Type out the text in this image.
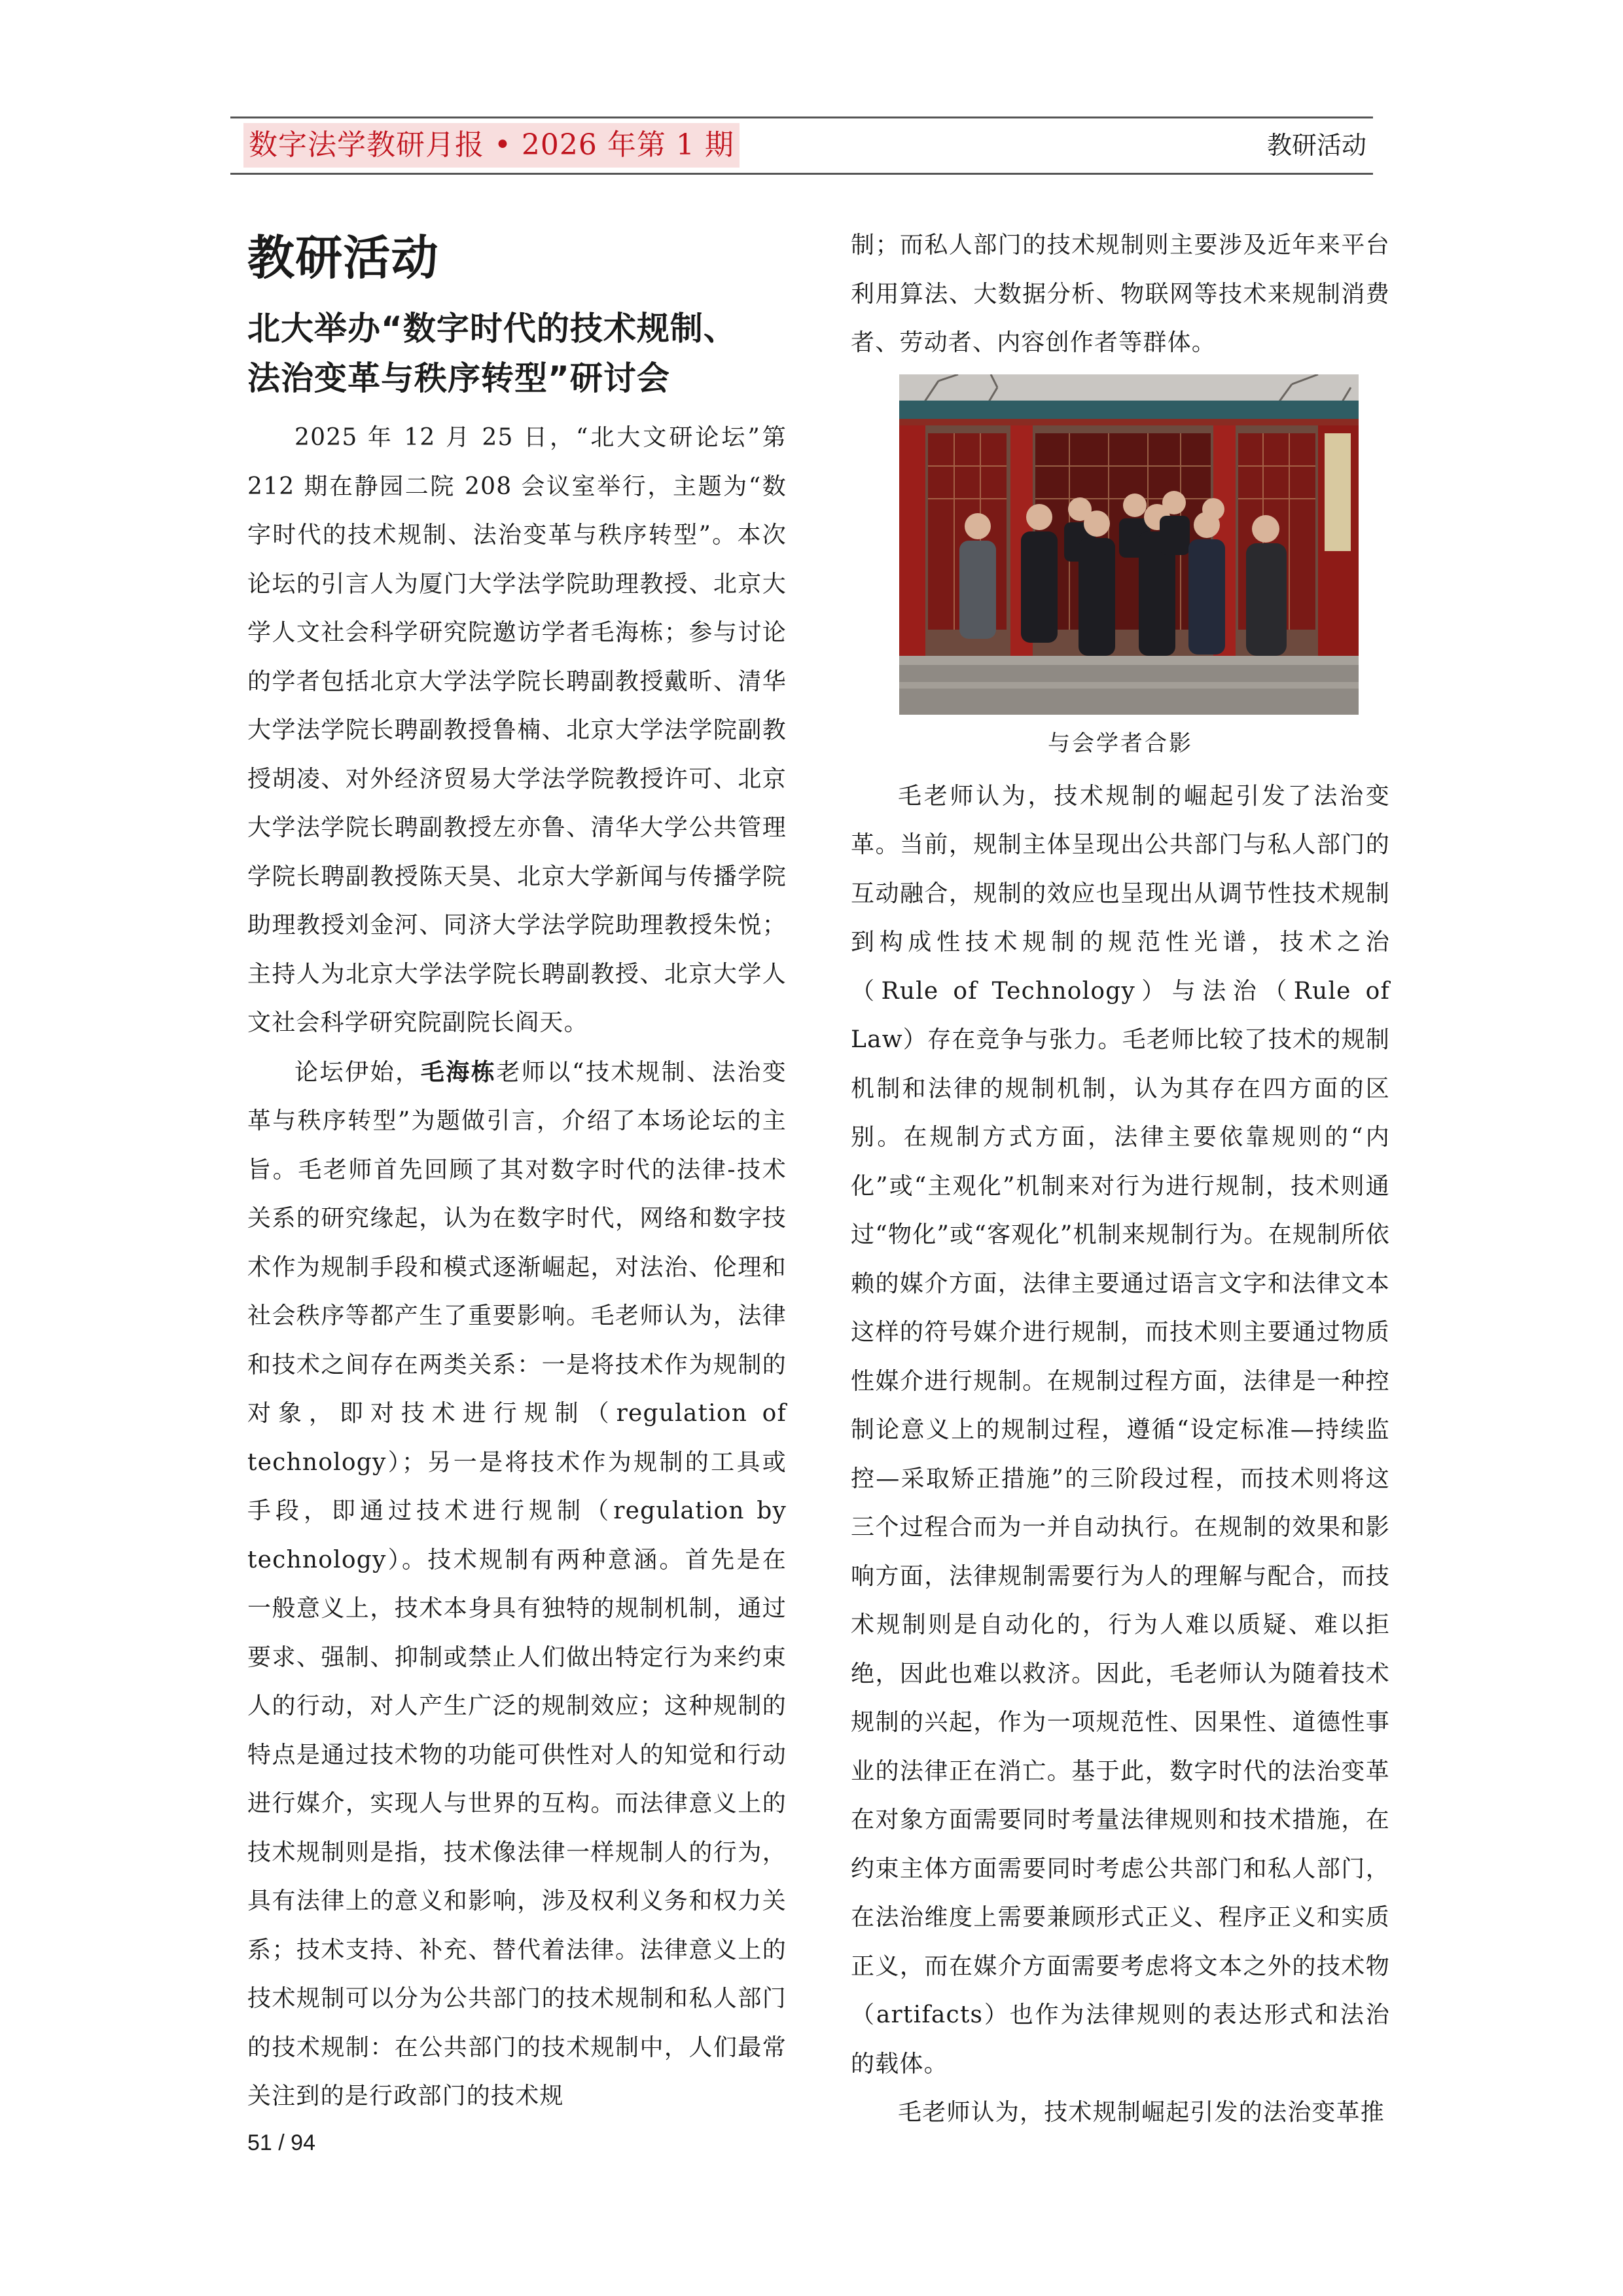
数字法学教研月报 • 2026 年第 1 期	教研活动
教研活动
北大举办“数字时代的技术规制、
法治变革与秩序转型”研讨会

2025 年 12 月 25 日，“北大文研论坛”第 212 期在静园二院 208 会议室举行，主题为“数字时代的技术规制、法治变革与秩序转型”。本次论坛的引言人为厦门大学法学院助理教授、北京大学人文社会科学研究院邀访学者毛海栋；参与讨论的学者包括北京大学法学院长聘副教授戴昕、清华大学法学院长聘副教授鲁楠、北京大学法学院副教授胡凌、对外经济贸易大学法学院教授许可、北京大学法学院长聘副教授左亦鲁、清华大学公共管理学院长聘副教授陈天昊、北京大学新闻与传播学院助理教授刘金河、同济大学法学院助理教授朱悦；主持人为北京大学法学院长聘副教授、北京大学人文社会科学研究院副院长阎天。

论坛伊始，毛海栋老师以“技术规制、法治变革与秩序转型”为题做引言，介绍了本场论坛的主旨。毛老师首先回顾了其对数字时代的法律-技术关系的研究缘起，认为在数字时代，网络和数字技术作为规制手段和模式逐渐崛起，对法治、伦理和社会秩序等都产生了重要影响。毛老师认为，法律和技术之间存在两类关系：一是将技术作为规制的对象，即对技术进行规制（regulation of technology）；另一是将技术作为规制的工具或手段，即通过技术进行规制（regulation by technology）。技术规制有两种意涵。首先是在一般意义上，技术本身具有独特的规制机制，通过要求、强制、抑制或禁止人们做出特定行为来约束人的行动，对人产生广泛的规制效应；这种规制的特点是通过技术物的功能可供性对人的知觉和行动进行媒介，实现人与世界的互构。而法律意义上的技术规制则是指，技术像法律一样规制人的行为，具有法律上的意义和影响，涉及权利义务和权力关系；技术支持、补充、替代着法律。法律意义上的技术规制可以分为公共部门的技术规制和私人部门的技术规制：在公共部门的技术规制中，人们最常关注到的是行政部门的技术规

制；而私人部门的技术规制则主要涉及近年来平台利用算法、大数据分析、物联网等技术来规制消费者、劳动者、内容创作者等群体。

与会学者合影

毛老师认为，技术规制的崛起引发了法治变革。当前，规制主体呈现出公共部门与私人部门的互动融合，规制的效应也呈现出从调节性技术规制到构成性技术规制的规范性光谱，技术之治（Rule of Technology）与法治（Rule of Law）存在竞争与张力。毛老师比较了技术的规制机制和法律的规制机制，认为其存在四方面的区别。在规制方式方面，法律主要依靠规则的“内化”或“主观化”机制来对行为进行规制，技术则通过“物化”或“客观化”机制来规制行为。在规制所依赖的媒介方面，法律主要通过语言文字和法律文本这样的符号媒介进行规制，而技术则主要通过物质性媒介进行规制。在规制过程方面，法律是一种控制论意义上的规制过程，遵循“设定标准—持续监控—采取矫正措施”的三阶段过程，而技术则将这三个过程合而为一并自动执行。在规制的效果和影响方面，法律规制需要行为人的理解与配合，而技术规制则是自动化的，行为人难以质疑、难以拒绝，因此也难以救济。因此，毛老师认为随着技术规制的兴起，作为一项规范性、因果性、道德性事业的法律正在消亡。基于此，数字时代的法治变革在对象方面需要同时考量法律规则和技术措施，在约束主体方面需要同时考虑公共部门和私人部门，在法治维度上需要兼顾形式正义、程序正义和实质正义，而在媒介方面需要考虑将文本之外的技术物（artifacts）也作为法律规则的表达形式和法治的载体。

毛老师认为，技术规制崛起引发的法治变革推

51 / 94
